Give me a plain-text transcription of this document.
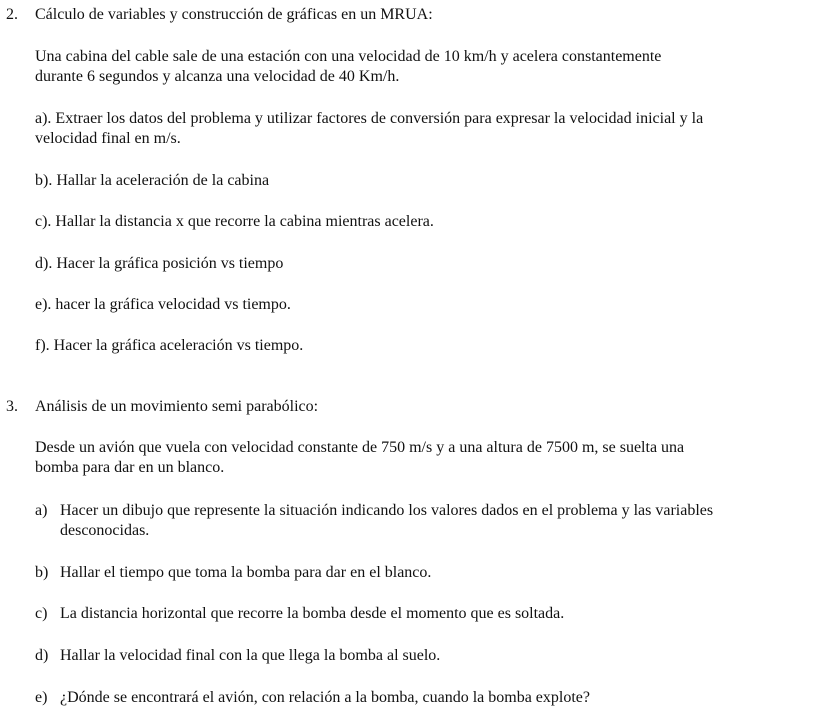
2. Cálculo de variables y construcción de gráficas en un MRUA:
Una cabina del cable sale de una estación con una velocidad de 10 km/h y acelera constantemente
durante 6 segundos y alcanza una velocidad de 40 Km/h.
a). Extraer los datos del problema y utilizar factores de conversión para expresar la velocidad inicial y la
velocidad final en m/s.
b). Hallar la aceleración de la cabina
c). Hallar la distancia x que recorre la cabina mientras acelera.
d). Hacer la gráfica posición vs tiempo
e). hacer la gráfica velocidad vs tiempo.
f). Hacer la gráfica aceleración vs tiempo.
3. Análisis de un movimiento semi parabólico:
Desde un avión que vuela con velocidad constante de 750 m/s y a una altura de 7500 m, se suelta una
bomba para dar en un blanco.
a) Hacer un dibujo que represente la situación indicando los valores dados en el problema y las variables
desconocidas.
b) Hallar el tiempo que toma la bomba para dar en el blanco.
c) La distancia horizontal que recorre la bomba desde el momento que es soltada.
d) Hallar la velocidad final con la que llega la bomba al suelo.
e) ¿Dónde se encontrará el avión, con relación a la bomba, cuando la bomba explote?
